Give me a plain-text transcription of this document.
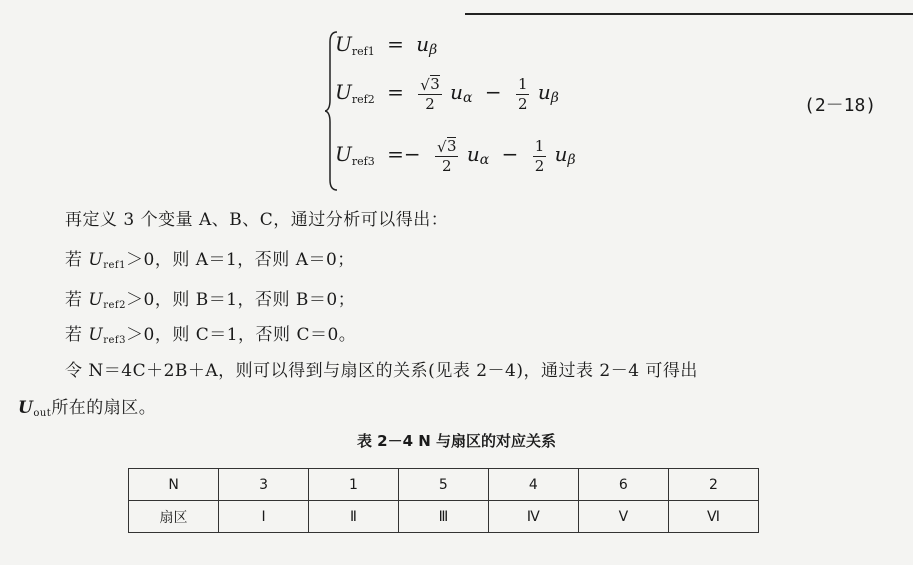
$U_{ref1} = u\beta$
$U_{ref2} = \frac{√ 3}{2}$ $u\alpha - \frac{1}{2}$ uβ
$U_{ref3} =- \frac{√ 3}{2}$ $u\alpha - \frac{1}{2}$ uβ
(2－18)
再定义 3 个变量 A、B、C，通过分析可以得出：
若 $U_{ref1}>0$，则 A＝1，否则 A＝0；
若 $U_{ref2}>0$，则 B＝1，否则 B＝0；
若 $U_{ref3}>0$，则 C＝1，否则 C＝0。
令 N＝4C＋2B＋A，则可以得到与扇区的关系(见表 2－4)，通过表 2－4 可得出
$U_{out}$所在的扇区。
表 2－4 N 与扇区的对应关系
N	3	1	5	4	6	2
扇区	Ⅰ	Ⅱ	Ⅲ	Ⅳ	Ⅴ	Ⅵ
